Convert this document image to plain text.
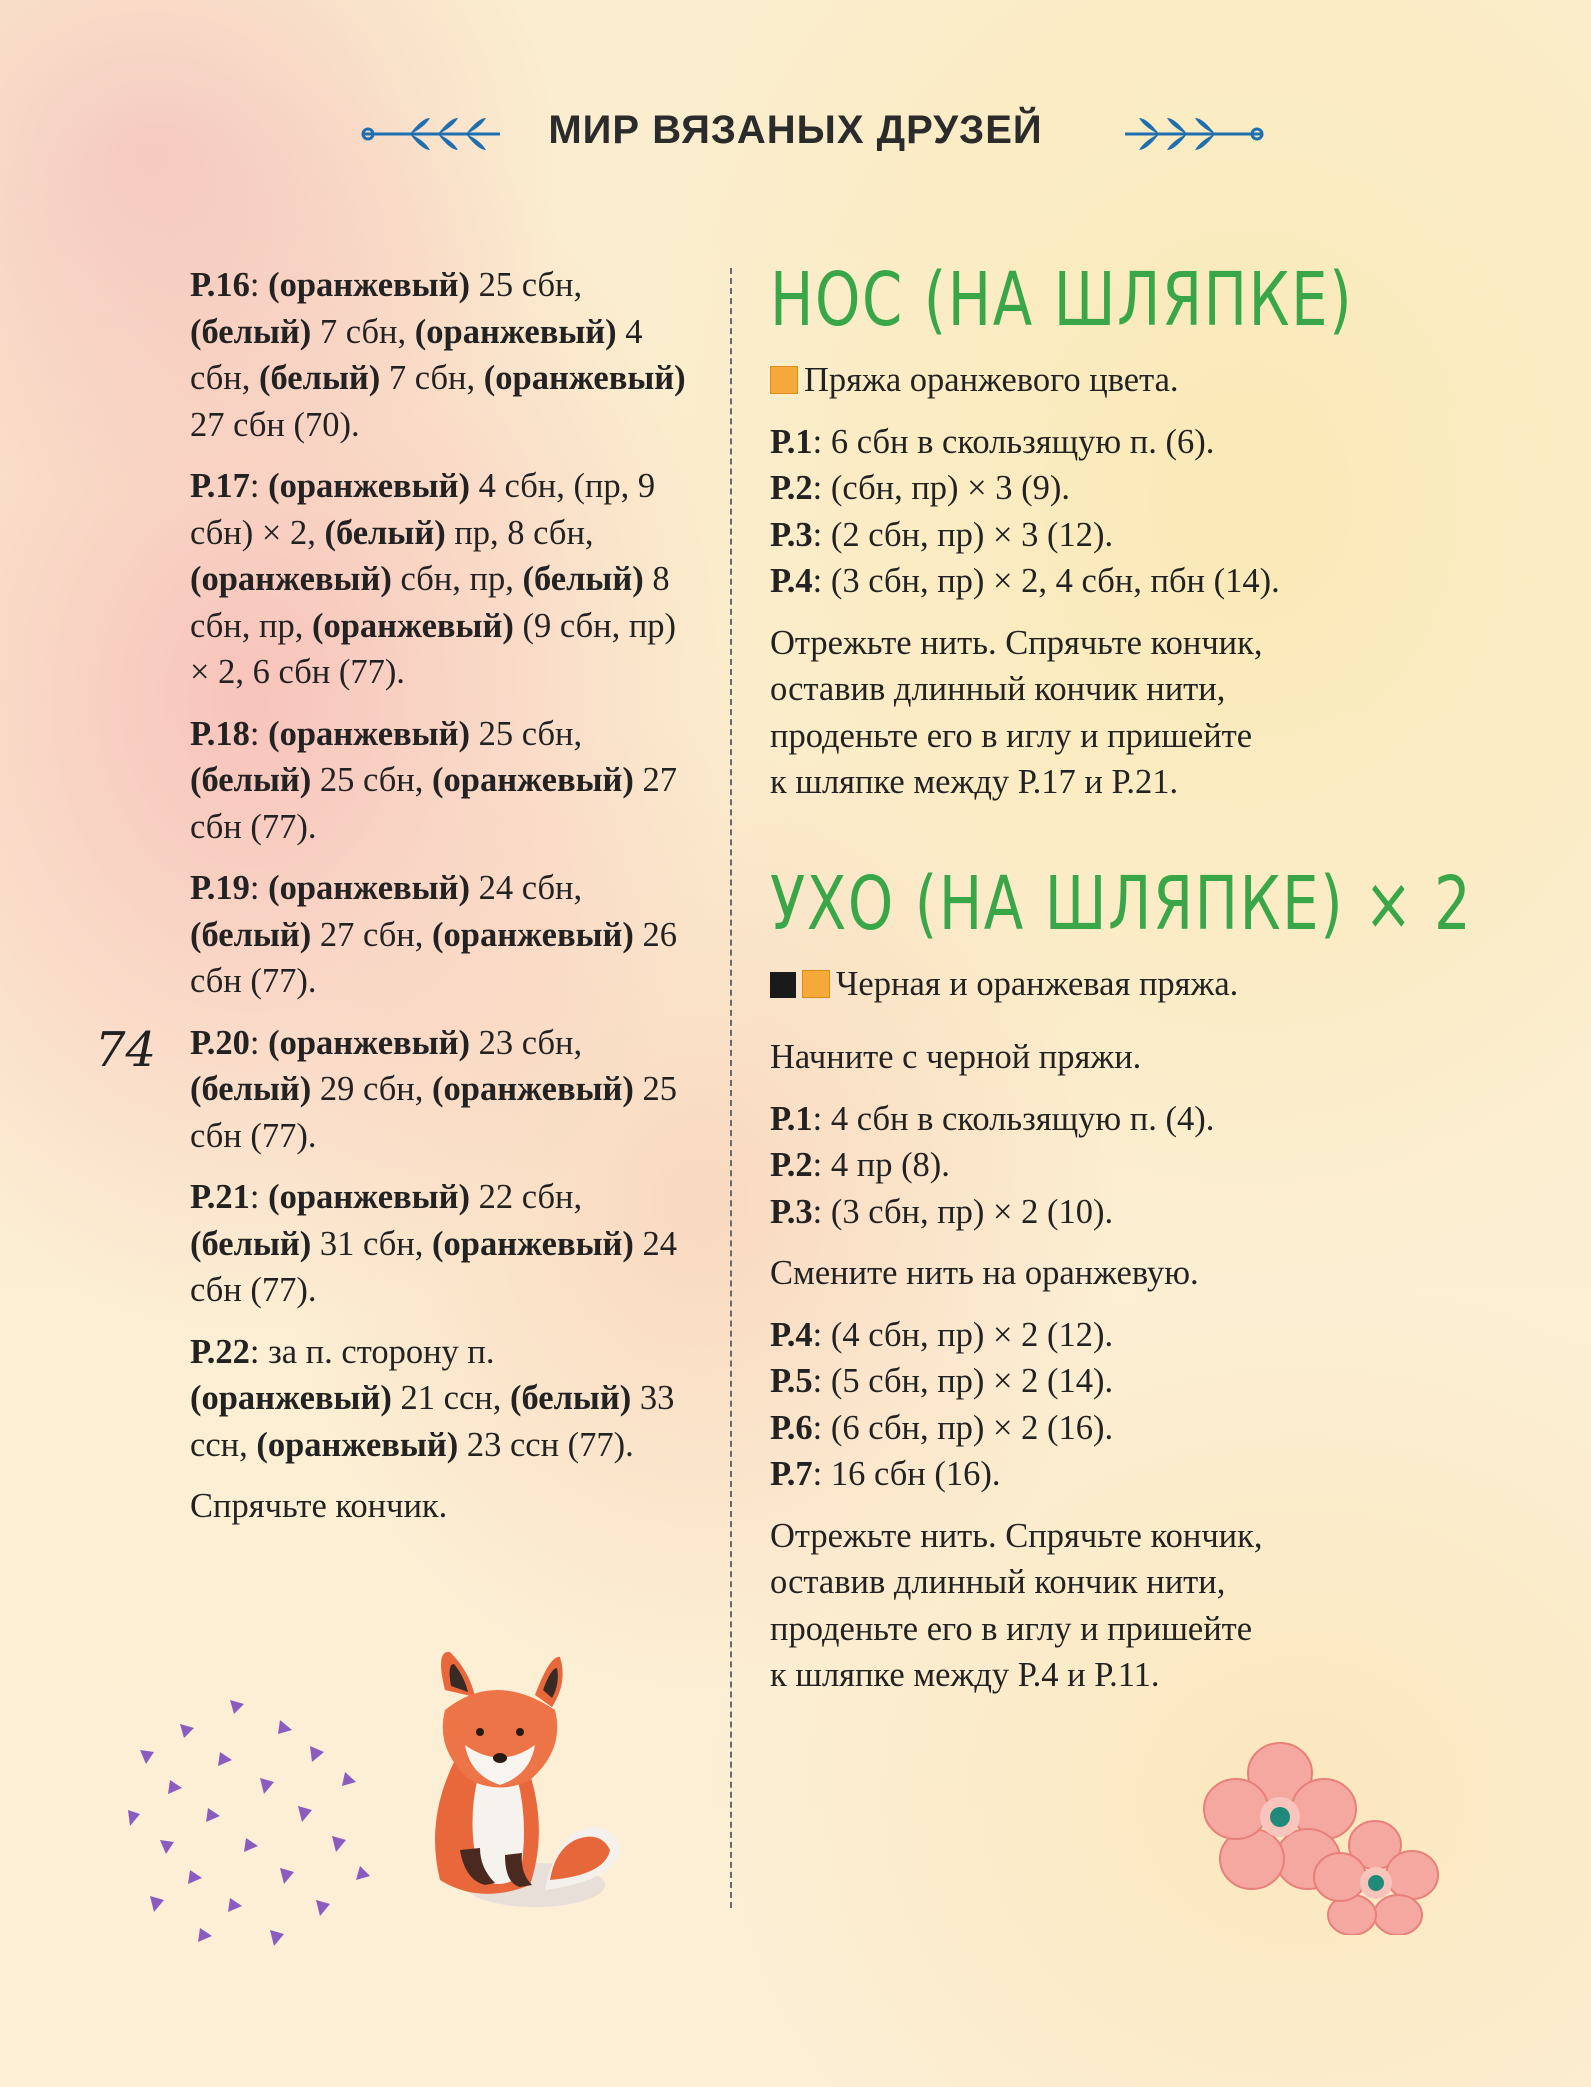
МИР ВЯЗАНЫХ ДРУЗЕЙ
Р.16: (оранжевый) 25 сбн, (белый) 7 сбн, (оранжевый) 4 сбн, (белый) 7 сбн, (оранжевый) 27 сбн (70).
Р.17: (оранжевый) 4 сбн, (пр, 9 сбн) × 2, (белый) пр, 8 сбн, (оранжевый) сбн, пр, (белый) 8 сбн, пр, (оранжевый) (9 сбн, пр) × 2, 6 сбн (77).
Р.18: (оранжевый) 25 сбн, (белый) 25 сбн, (оранжевый) 27 сбн (77).
Р.19: (оранжевый) 24 сбн, (белый) 27 сбн, (оранжевый) 26 сбн (77).
Р.20: (оранжевый) 23 сбн, (белый) 29 сбн, (оранжевый) 25 сбн (77).
Р.21: (оранжевый) 22 сбн, (белый) 31 сбн, (оранжевый) 24 сбн (77).
Р.22: за п. сторону п. (оранжевый) 21 ссн, (белый) 33 ссн, (оранжевый) 23 ссн (77).
Спрячьте кончик.
74
НОС (НА ШЛЯПКЕ)
Пряжа оранжевого цвета.
Р.1: 6 сбн в скользящую п. (6).
Р.2: (сбн, пр) × 3 (9).
Р.3: (2 сбн, пр) × 3 (12).
Р.4: (3 сбн, пр) × 2, 4 сбн, пбн (14).
Отрежьте нить. Спрячьте кончик,
оставив длинный кончик нити,
проденьте его в иглу и пришейте
к шляпке между Р.17 и Р.21.
УХО (НА ШЛЯПКЕ) × 2
Черная и оранжевая пряжа.
Начните с черной пряжи.
Р.1: 4 сбн в скользящую п. (4).
Р.2: 4 пр (8).
Р.3: (3 сбн, пр) × 2 (10).
Смените нить на оранжевую.
Р.4: (4 сбн, пр) × 2 (12).
Р.5: (5 сбн, пр) × 2 (14).
Р.6: (6 сбн, пр) × 2 (16).
Р.7: 16 сбн (16).
Отрежьте нить. Спрячьте кончик,
оставив длинный кончик нити,
проденьте его в иглу и пришейте
к шляпке между Р.4 и Р.11.
